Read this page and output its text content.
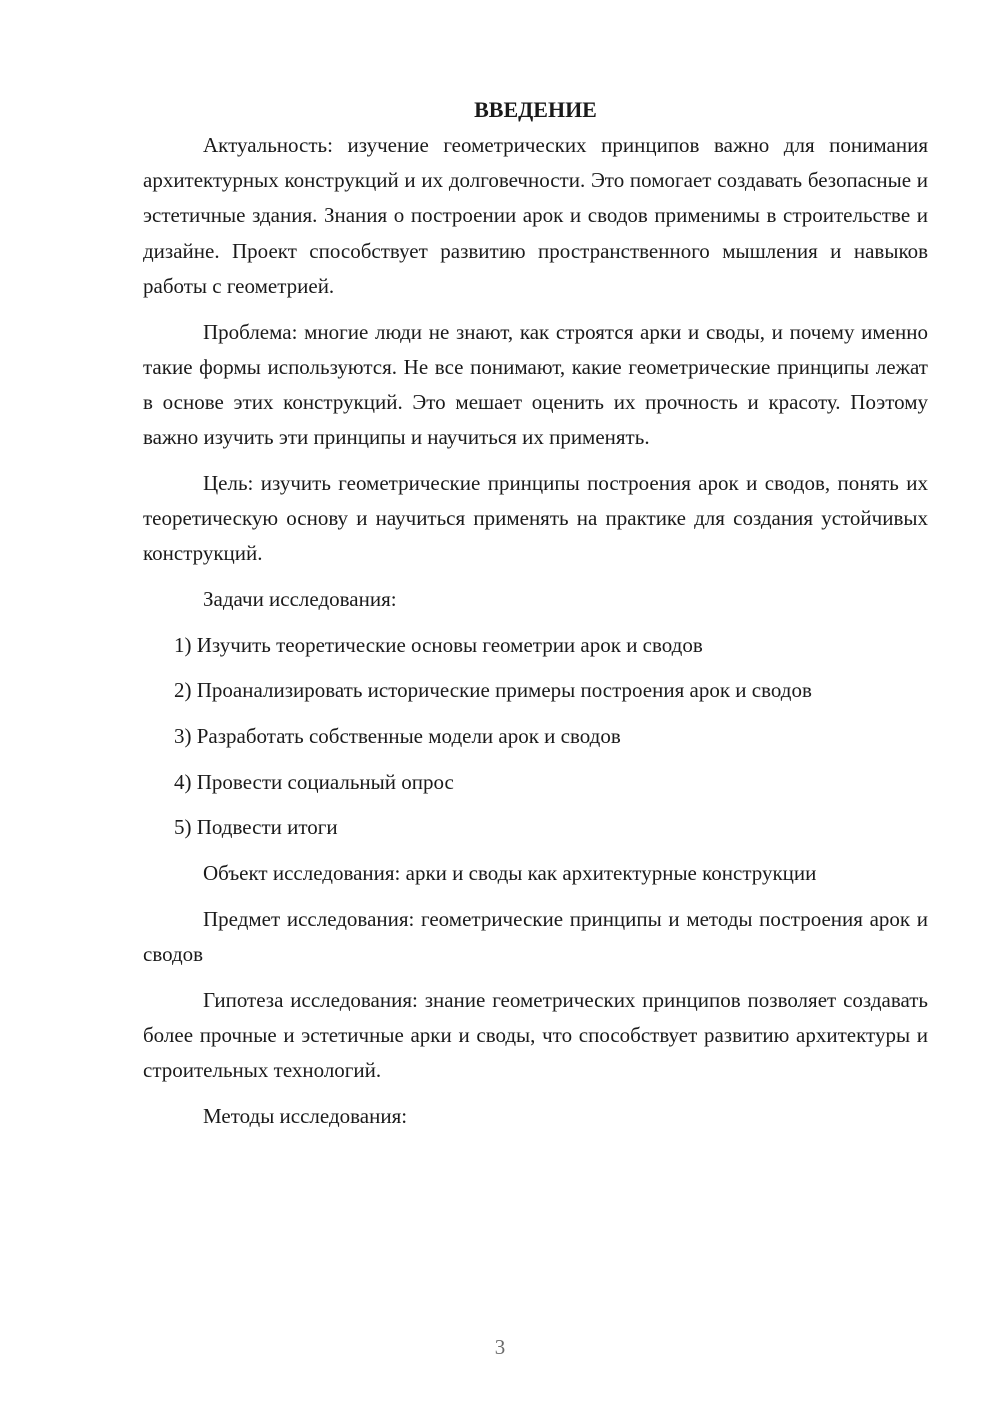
ВВЕДЕНИЕ

Актуальность: изучение геометрических принципов важно для понимания архитектурных конструкций и их долговечности. Это помогает создавать безопасные и эстетичные здания. Знания о построении арок и сводов применимы в строительстве и дизайне. Проект способствует развитию пространственного мышления и навыков работы с геометрией.

Проблема: многие люди не знают, как строятся арки и своды, и почему именно такие формы используются. Не все понимают, какие геометрические принципы лежат в основе этих конструкций. Это мешает оценить их прочность и красоту. Поэтому важно изучить эти принципы и научиться их применять.

Цель: изучить геометрические принципы построения арок и сводов, понять их теоретическую основу и научиться применять на практике для создания устойчивых конструкций.

Задачи исследования:

1) Изучить теоретические основы геометрии арок и сводов

2) Проанализировать исторические примеры построения арок и сводов

3) Разработать собственные модели арок и сводов

4) Провести социальный опрос

5) Подвести итоги

Объект исследования: арки и своды как архитектурные конструкции

Предмет исследования: геометрические принципы и методы построения арок и сводов

Гипотеза исследования: знание геометрических принципов позволяет создавать более прочные и эстетичные арки и своды, что способствует развитию архитектуры и строительных технологий.

Методы исследования:

3
